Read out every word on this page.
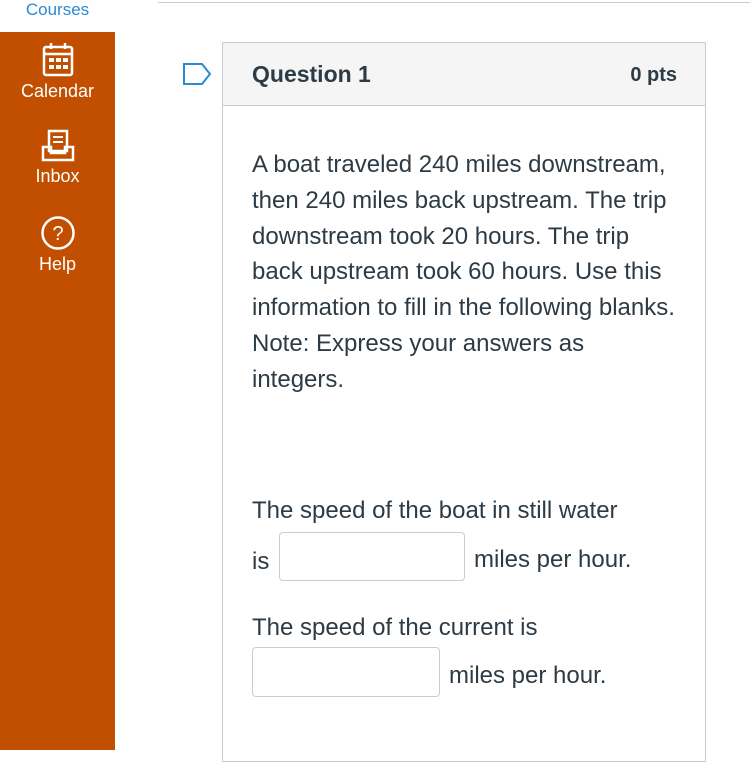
Courses
Calendar
Inbox
?
Help
Question 1	0 pts
A boat traveled 240 miles downstream, then 240 miles back upstream. The trip downstream took 20 hours. The trip back upstream took 60 hours. Use this information to fill in the following blanks. Note: Express your answers as integers.
The speed of the boat in still water
is	miles per hour.
The speed of the current is
miles per hour.
